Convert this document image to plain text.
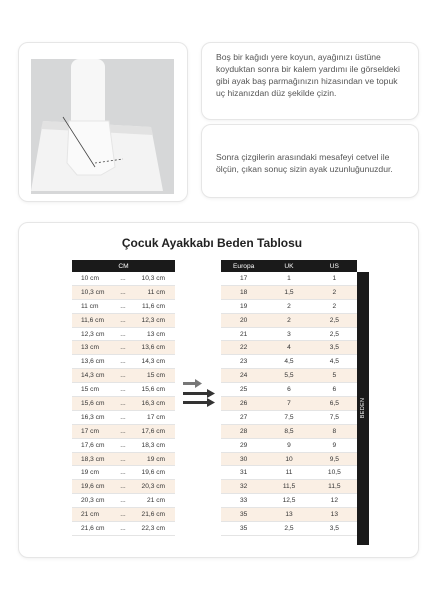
Boş bir kağıdı yere koyun, ayağınızı üstüne koyduktan sonra bir kalem yardımı ile görseldeki gibi ayak baş parmağınızın hizasından ve topuk uç hizanızdan düz şekilde çizin.
Sonra çizgilerin arasındaki mesafeyi cetvel ile ölçün, çıkan sonuç sizin ayak uzunluğunuzdur.
Çocuk Ayakkabı Beden Tablosu
CM		
10 cm	...	10,3 cm
10,3 cm	...	11 cm
11 cm	...	11,6 cm
11,6 cm	...	12,3 cm
12,3 cm	...	13 cm
13 cm	...	13,6 cm
13,6 cm	...	14,3 cm
14,3 cm	...	15 cm
15 cm	...	15,6 cm
15,6 cm	...	16,3 cm
16,3 cm	...	17 cm
17 cm	...	17,6 cm
17,6 cm	...	18,3 cm
18,3 cm	...	19 cm
19 cm	...	19,6 cm
19,6 cm	...	20,3 cm
20,3 cm	...	21 cm
21 cm	...	21,6 cm
21,6 cm	...	22,3 cm
Europa	UK	US
17	1	1
18	1,5	2
19	2	2
20	2	2,5
21	3	2,5
22	4	3,5
23	4,5	4,5
24	5,5	5
25	6	6
26	7	6,5
27	7,5	7,5
28	8,5	8
29	9	9
30	10	9,5
31	11	10,5
32	11,5	11,5
33	12,5	12
35	13	13
35	2,5	3,5
BEDEN
